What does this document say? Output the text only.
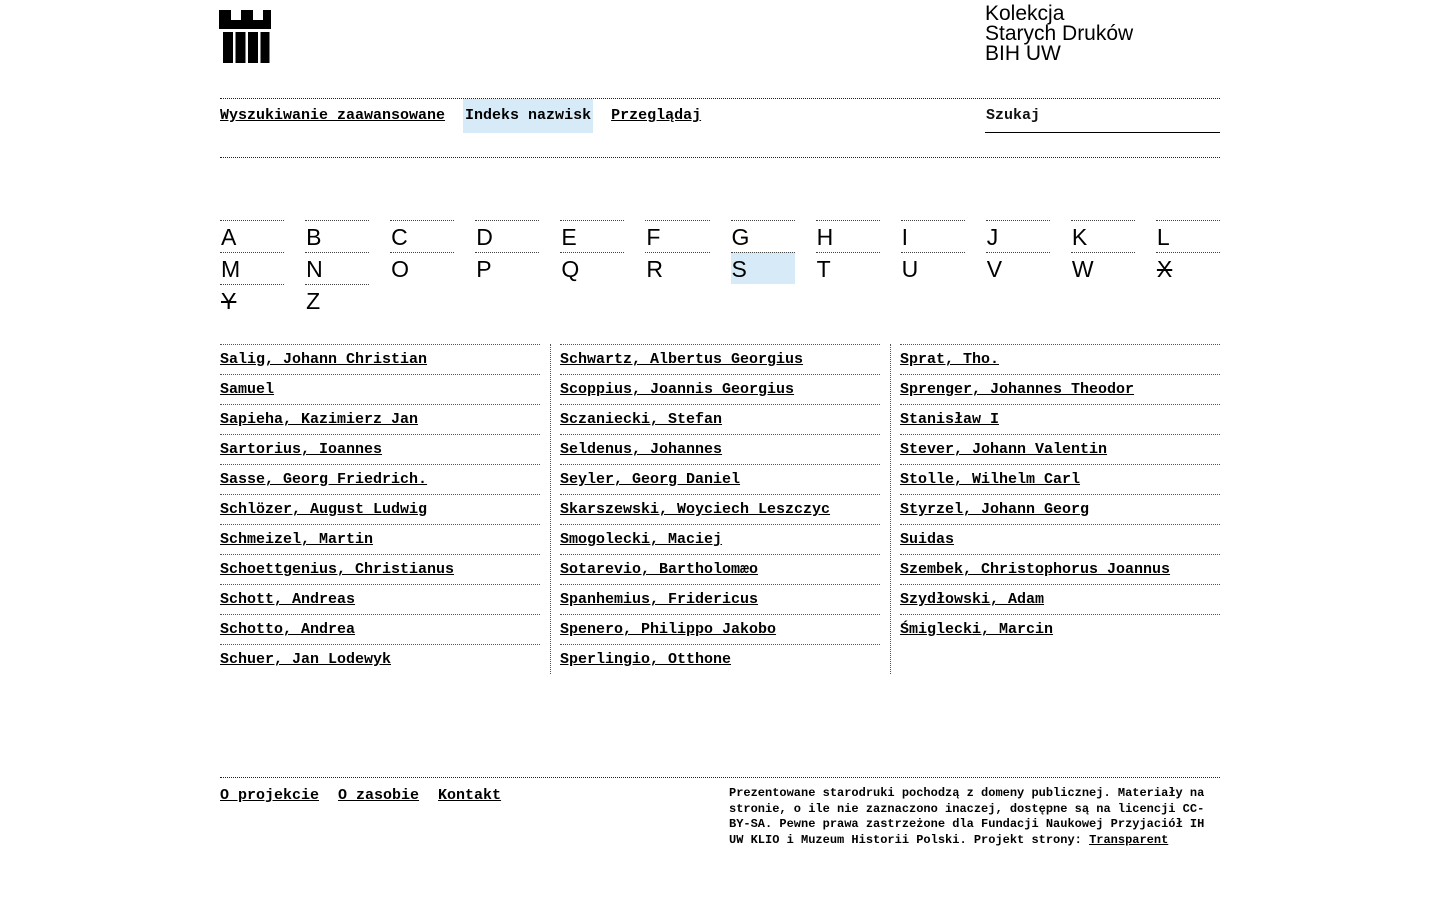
Kolekcja
Starych Druków
BIH UW
Wyszukiwanie zaawansowane Indeks nazwisk Przeglądaj
Szukaj
A	B	C	D	E	F	G	H	I	J	K	L
M	N	O	P	Q	R	S	T	U	V	W	X
Y	Z
Salig, Johann Christian
Samuel
Sapieha, Kazimierz Jan
Sartorius, Ioannes
Sasse, Georg Friedrich.
Schlözer, August Ludwig
Schmeizel, Martin
Schoettgenius, Christianus
Schott, Andreas
Schotto, Andrea
Schuer, Jan Lodewyk
Schwartz, Albertus Georgius
Scoppius, Joannis Georgius
Sczaniecki, Stefan
Seldenus, Johannes
Seyler, Georg Daniel
Skarszewski, Woyciech Leszczyc
Smogolecki, Maciej
Sotarevio, Bartholomæo
Spanhemius, Fridericus
Spenero, Philippo Jakobo
Sperlingio, Otthone
Sprat, Tho.
Sprenger, Johannes Theodor
Stanisław I
Stever, Johann Valentin
Stolle, Wilhelm Carl
Styrzel, Johann Georg
Suidas
Szembek, Christophorus Joannus
Szydłowski, Adam
Śmiglecki, Marcin
O projekcie O zasobie Kontakt	Prezentowane starodruki pochodzą z domeny publicznej. Materiały na stronie, o ile nie zaznaczono inaczej, dostępne są na licencji CC-BY-SA. Pewne prawa zastrzeżone dla Fundacji Naukowej Przyjaciół IH UW KLIO i Muzeum Historii Polski. Projekt strony: Transparent
